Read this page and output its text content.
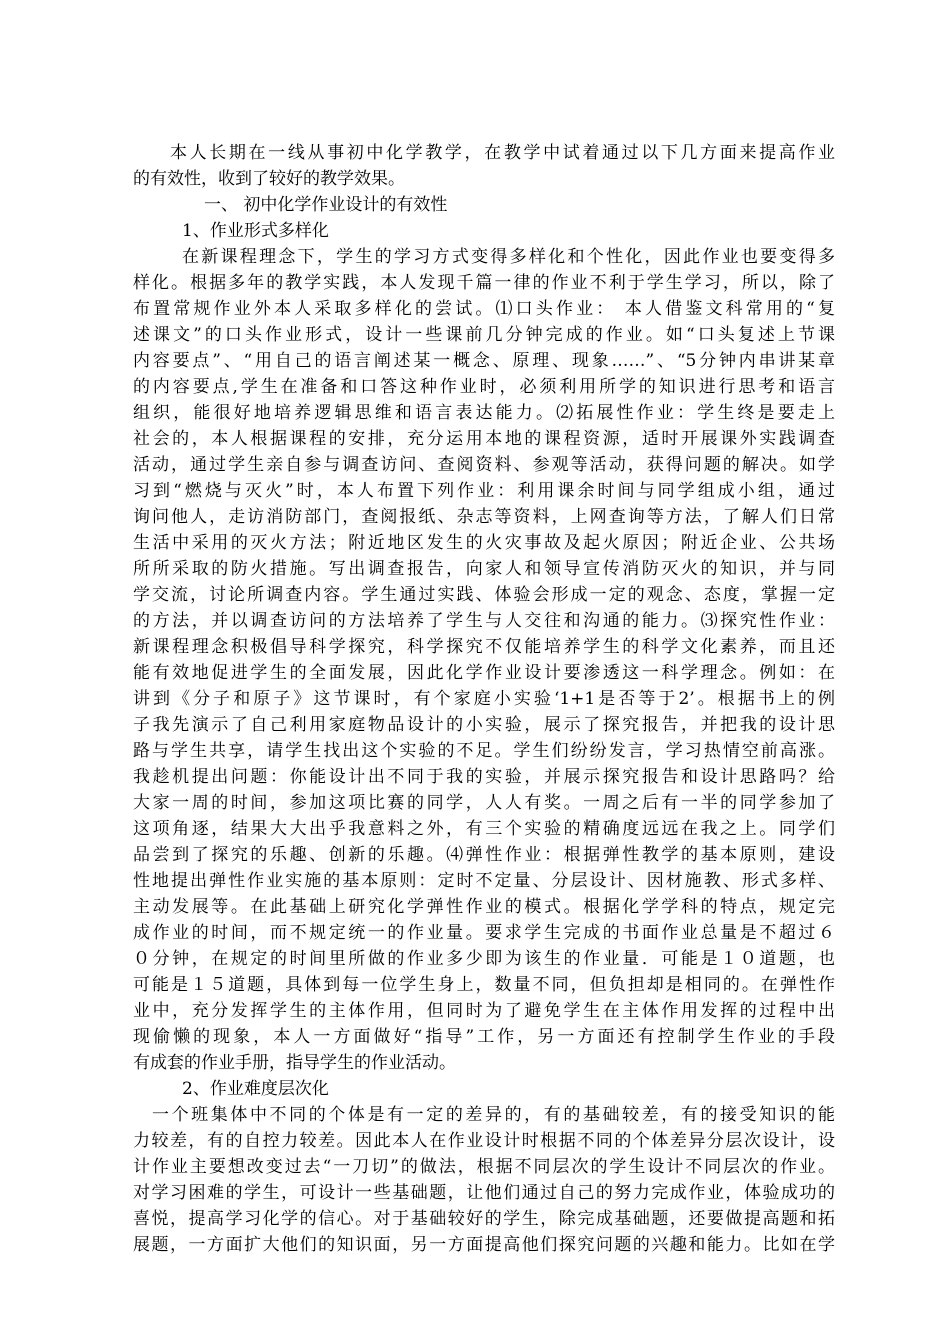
本人长期在一线从事初中化学教学，在教学中试着通过以下几方面来提高作业
的有效性，收到了较好的教学效果。
一、 初中化学作业设计的有效性
1、作业形式多样化
在新课程理念下，学生的学习方式变得多样化和个性化，因此作业也要变得多
样化。根据多年的教学实践，本人发现千篇一律的作业不利于学生学习，所以，除了
布置常规作业外本人采取多样化的尝试。⑴口头作业： 本人借鉴文科常用的“复
述课文”的口头作业形式，设计一些课前几分钟完成的作业。如“口头复述上节课
内容要点”、“用自己的语言阐述某一概念、原理、现象……”、“5分钟内串讲某章
的内容要点,学生在准备和口答这种作业时，必须利用所学的知识进行思考和语言
组织，能很好地培养逻辑思维和语言表达能力。⑵拓展性作业：学生终是要走上
社会的，本人根据课程的安排，充分运用本地的课程资源，适时开展课外实践调查
活动，通过学生亲自参与调查访问、查阅资料、参观等活动，获得问题的解决。如学
习到“燃烧与灭火”时，本人布置下列作业：利用课余时间与同学组成小组，通过
询问他人，走访消防部门，查阅报纸、杂志等资料，上网查询等方法，了解人们日常
生活中采用的灭火方法；附近地区发生的火灾事故及起火原因；附近企业、公共场
所所采取的防火措施。写出调查报告，向家人和领导宣传消防灭火的知识，并与同
学交流，讨论所调查内容。学生通过实践、体验会形成一定的观念、态度，掌握一定
的方法，并以调查访问的方法培养了学生与人交往和沟通的能力。⑶探究性作业：
新课程理念积极倡导科学探究，科学探究不仅能培养学生的科学文化素养，而且还
能有效地促进学生的全面发展，因此化学作业设计要渗透这一科学理念。例如：在
讲到《分子和原子》这节课时，有个家庭小实验‘1+1是否等于2’。根据书上的例
子我先演示了自己利用家庭物品设计的小实验，展示了探究报告，并把我的设计思
路与学生共享，请学生找出这个实验的不足。学生们纷纷发言，学习热情空前高涨。
我趁机提出问题：你能设计出不同于我的实验，并展示探究报告和设计思路吗？给
大家一周的时间，参加这项比赛的同学，人人有奖。一周之后有一半的同学参加了
这项角逐，结果大大出乎我意料之外，有三个实验的精确度远远在我之上。同学们
品尝到了探究的乐趣、创新的乐趣。⑷弹性作业：根据弹性教学的基本原则，建设
性地提出弹性作业实施的基本原则：定时不定量、分层设计、因材施教、形式多样、
主动发展等。在此基础上研究化学弹性作业的模式。根据化学学科的特点，规定完
成作业的时间，而不规定统一的作业量。要求学生完成的书面作业总量是不超过６
０分钟，在规定的时间里所做的作业多少即为该生的作业量．可能是１０道题，也
可能是１５道题，具体到每一位学生身上，数量不同，但负担却是相同的。在弹性作
业中，充分发挥学生的主体作用，但同时为了避免学生在主体作用发挥的过程中出
现偷懒的现象，本人一方面做好“指导”工作，另一方面还有控制学生作业的手段
有成套的作业手册，指导学生的作业活动。
2、作业难度层次化
一个班集体中不同的个体是有一定的差异的，有的基础较差，有的接受知识的能
力较差，有的自控力较差。因此本人在作业设计时根据不同的个体差异分层次设计，设
计作业主要想改变过去“一刀切”的做法，根据不同层次的学生设计不同层次的作业。
对学习困难的学生，可设计一些基础题，让他们通过自己的努力完成作业，体验成功的
喜悦，提高学习化学的信心。对于基础较好的学生，除完成基础题，还要做提高题和拓
展题，一方面扩大他们的知识面，另一方面提高他们探究问题的兴趣和能力。比如在学
